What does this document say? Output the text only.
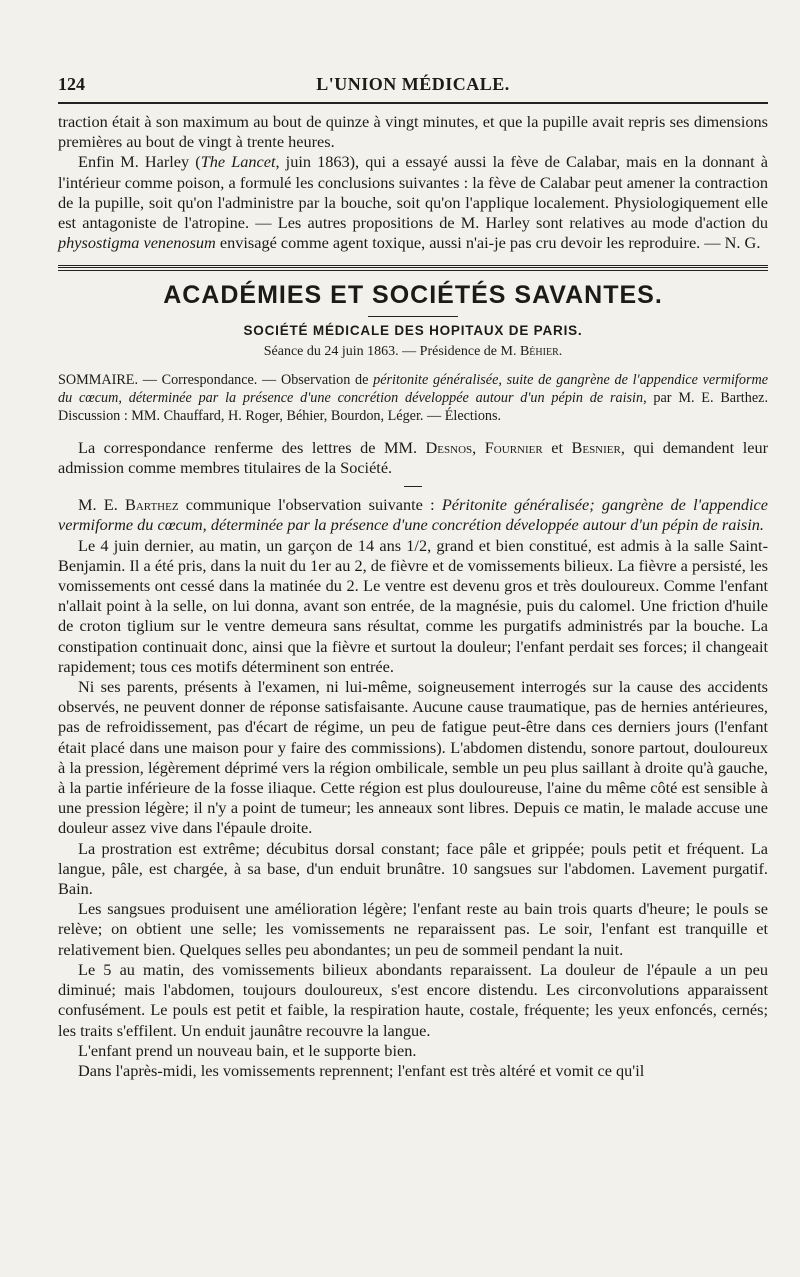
124	L'UNION MÉDICALE.

traction était à son maximum au bout de quinze à vingt minutes, et que la pupille avait repris ses dimensions premières au bout de vingt à trente heures.

Enfin M. Harley (The Lancet, juin 1863), qui a essayé aussi la fève de Calabar, mais en la donnant à l'intérieur comme poison, a formulé les conclusions suivantes : la fève de Calabar peut amener la contraction de la pupille, soit qu'on l'administre par la bouche, soit qu'on l'applique localement. Physiologiquement elle est antagoniste de l'atropine. — Les autres propositions de M. Harley sont relatives au mode d'action du physostigma venenosum envisagé comme agent toxique, aussi n'ai-je pas cru devoir les reproduire. — N. G.

ACADÉMIES ET SOCIÉTÉS SAVANTES.
SOCIÉTÉ MÉDICALE DES HOPITAUX DE PARIS.
Séance du 24 juin 1863. — Présidence de M. Béhier.
SOMMAIRE. — Correspondance. — Observation de péritonite généralisée, suite de gangrène de l'appendice vermiforme du cœcum, déterminée par la présence d'une concrétion développée autour d'un pépin de raisin, par M. E. Barthez. Discussion : MM. Chauffard, H. Roger, Béhier, Bourdon, Léger. — Élections.

La correspondance renferme des lettres de MM. Desnos, Fournier et Besnier, qui demandent leur admission comme membres titulaires de la Société.

M. E. Barthez communique l'observation suivante : Péritonite généralisée; gangrène de l'appendice vermiforme du cœcum, déterminée par la présence d'une concrétion développée autour d'un pépin de raisin.

Le 4 juin dernier, au matin, un garçon de 14 ans 1/2, grand et bien constitué, est admis à la salle Saint-Benjamin. Il a été pris, dans la nuit du 1er au 2, de fièvre et de vomissements bilieux. La fièvre a persisté, les vomissements ont cessé dans la matinée du 2. Le ventre est devenu gros et très douloureux. Comme l'enfant n'allait point à la selle, on lui donna, avant son entrée, de la magnésie, puis du calomel. Une friction d'huile de croton tiglium sur le ventre demeura sans résultat, comme les purgatifs administrés par la bouche. La constipation continuait donc, ainsi que la fièvre et surtout la douleur; l'enfant perdait ses forces; il changeait rapidement; tous ces motifs déterminent son entrée.

Ni ses parents, présents à l'examen, ni lui-même, soigneusement interrogés sur la cause des accidents observés, ne peuvent donner de réponse satisfaisante. Aucune cause traumatique, pas de hernies antérieures, pas de refroidissement, pas d'écart de régime, un peu de fatigue peut-être dans ces derniers jours (l'enfant était placé dans une maison pour y faire des commissions). L'abdomen distendu, sonore partout, douloureux à la pression, légèrement déprimé vers la région ombilicale, semble un peu plus saillant à droite qu'à gauche, à la partie inférieure de la fosse iliaque. Cette région est plus douloureuse, l'aine du même côté est sensible à une pression légère; il n'y a point de tumeur; les anneaux sont libres. Depuis ce matin, le malade accuse une douleur assez vive dans l'épaule droite.

La prostration est extrême; décubitus dorsal constant; face pâle et grippée; pouls petit et fréquent. La langue, pâle, est chargée, à sa base, d'un enduit brunâtre. 10 sangsues sur l'abdomen. Lavement purgatif. Bain.

Les sangsues produisent une amélioration légère; l'enfant reste au bain trois quarts d'heure; le pouls se relève; on obtient une selle; les vomissements ne reparaissent pas. Le soir, l'enfant est tranquille et relativement bien. Quelques selles peu abondantes; un peu de sommeil pendant la nuit.

Le 5 au matin, des vomissements bilieux abondants reparaissent. La douleur de l'épaule a un peu diminué; mais l'abdomen, toujours douloureux, s'est encore distendu. Les circonvolutions apparaissent confusément. Le pouls est petit et faible, la respiration haute, costale, fréquente; les yeux enfoncés, cernés; les traits s'effilent. Un enduit jaunâtre recouvre la langue.

L'enfant prend un nouveau bain, et le supporte bien.

Dans l'après-midi, les vomissements reprennent; l'enfant est très altéré et vomit ce qu'il
